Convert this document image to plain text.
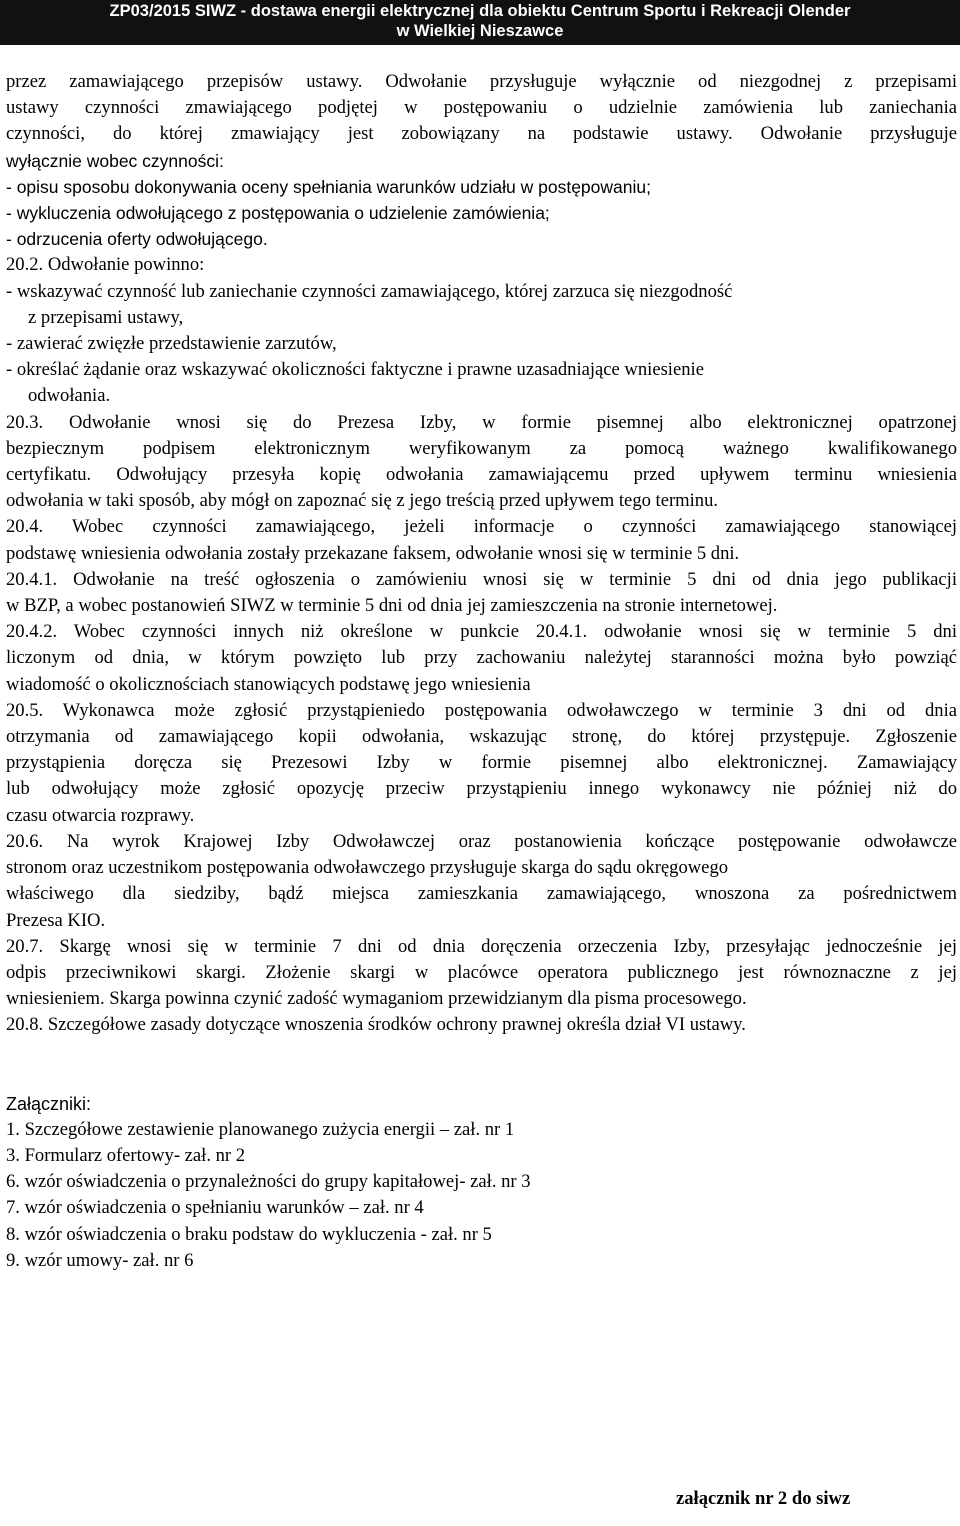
ZP03/2015 SIWZ - dostawa energii elektrycznej dla obiektu Centrum Sportu i Rekreacji Olender
w Wielkiej Nieszawce

przez zamawiającego przepisów ustawy. Odwołanie przysługuje wyłącznie od niezgodnej z przepisami

ustawy czynności zmawiającego podjętej w postępowaniu o udzielnie zamówienia lub zaniechania

czynności, do której zmawiający jest zobowiązany na podstawie ustawy. Odwołanie przysługuje

wyłącznie wobec czynności:

- opisu sposobu dokonywania oceny spełniania warunków udziału w postępowaniu;

- wykluczenia odwołującego z postępowania o udzielenie zamówienia;

- odrzucenia oferty odwołującego.

20.2. Odwołanie powinno:

- wskazywać czynność lub zaniechanie czynności zamawiającego, której zarzuca się niezgodność

z przepisami ustawy,

- zawierać zwięzłe przedstawienie zarzutów,

- określać żądanie oraz wskazywać okoliczności faktyczne i prawne uzasadniające wniesienie

odwołania.

20.3. Odwołanie wnosi się do Prezesa Izby, w formie pisemnej albo elektronicznej opatrzonej

bezpiecznym podpisem elektronicznym weryfikowanym za pomocą ważnego kwalifikowanego

certyfikatu. Odwołujący przesyła kopię odwołania zamawiającemu przed upływem terminu wniesienia

odwołania w taki sposób, aby mógł on zapoznać się z jego treścią przed upływem tego terminu.

20.4. Wobec czynności zamawiającego, jeżeli informacje o czynności zamawiającego stanowiącej

podstawę wniesienia odwołania zostały przekazane faksem, odwołanie wnosi się w terminie 5 dni.

20.4.1. Odwołanie na treść ogłoszenia o zamówieniu wnosi się w terminie 5 dni od dnia jego publikacji

w BZP, a wobec postanowień SIWZ w terminie 5 dni od dnia jej zamieszczenia na stronie internetowej.

20.4.2. Wobec czynności innych niż określone w punkcie 20.4.1. odwołanie wnosi się w terminie 5 dni

liczonym od dnia, w którym powzięto lub przy zachowaniu należytej staranności można było powziąć

wiadomość o okolicznościach stanowiących podstawę jego wniesienia

20.5. Wykonawca może zgłosić przystąpieniedo postępowania odwoławczego w terminie 3 dni od dnia

otrzymania od zamawiającego kopii odwołania, wskazując stronę, do której przystępuje. Zgłoszenie

przystąpienia doręcza się Prezesowi Izby w formie pisemnej albo elektronicznej. Zamawiający

lub odwołujący może zgłosić opozycję przeciw przystąpieniu innego wykonawcy nie później niż do

czasu otwarcia rozprawy.

20.6. Na wyrok Krajowej Izby Odwoławczej oraz postanowienia kończące postępowanie odwoławcze

stronom oraz uczestnikom postępowania odwoławczego przysługuje skarga do sądu okręgowego

właściwego dla siedziby, bądź miejsca zamieszkania zamawiającego, wnoszona za pośrednictwem

Prezesa KIO.

20.7. Skargę wnosi się w terminie 7 dni od dnia doręczenia orzeczenia Izby, przesyłając jednocześnie jej

odpis przeciwnikowi skargi. Złożenie skargi w placówce operatora publicznego jest równoznaczne z jej

wniesieniem. Skarga powinna czynić zadość wymaganiom przewidzianym dla pisma procesowego.

20.8. Szczegółowe zasady dotyczące wnoszenia środków ochrony prawnej określa dział VI ustawy.

Załączniki:

1. Szczegółowe zestawienie planowanego zużycia energii – zał. nr 1

3. Formularz ofertowy- zał. nr 2

6. wzór oświadczenia o przynależności do grupy kapitałowej- zał. nr 3

7. wzór oświadczenia o spełnianiu warunków – zał. nr 4

8. wzór oświadczenia o braku podstaw do wykluczenia - zał. nr 5

9. wzór umowy- zał. nr 6

załącznik nr 2 do siwz
